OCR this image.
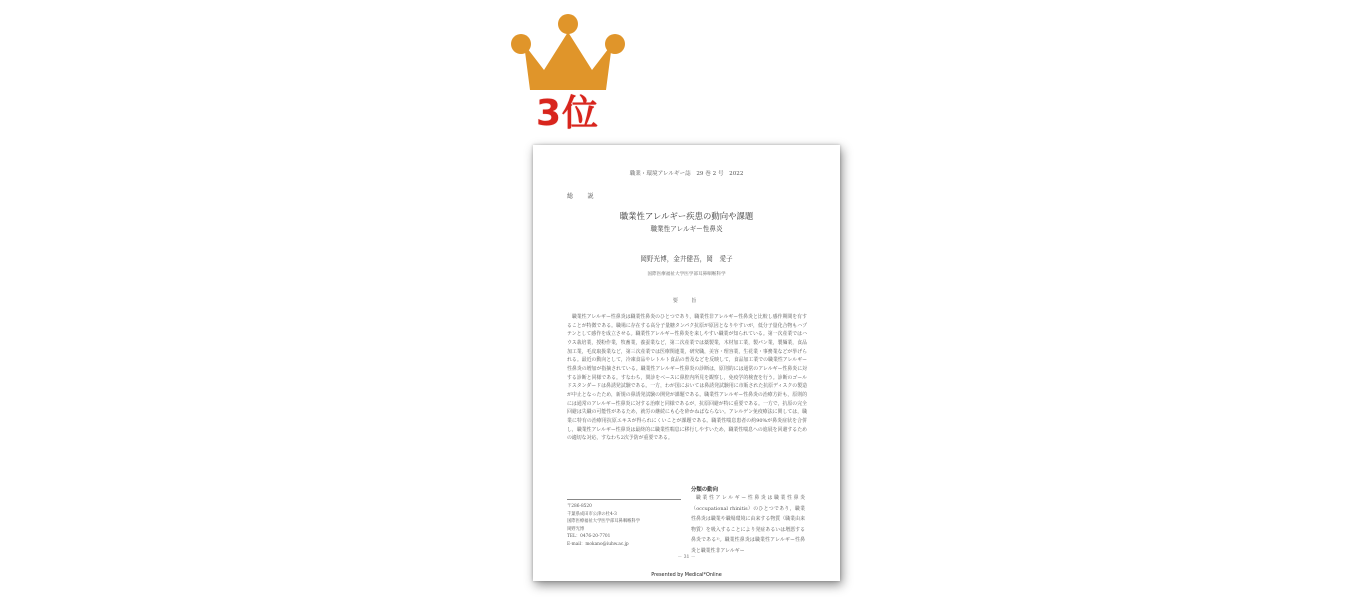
3位
職業・環境アレルギー誌　29 巻 2 号　2022
総　説
職業性アレルギー疾患の動向や課題
職業性アレルギー性鼻炎
岡野光博，金井健吾，岡　愛子
国際医療福祉大学医学部耳鼻咽喉科学
要　旨
職業性アレルギー性鼻炎は職業性鼻炎のひとつであり，職業性非アレルギー性鼻炎と比較し感作期間を有することが特徴である。職場に存在する高分子量糖タンパク抗原が原因となりやすいが，低分子量化合物もハプテンとして感作を成立させる。職業性アレルギー性鼻炎を来しやすい職業が知られている。第一次産業ではハウス栽培業，授粉作業，牧畜業，養蚕業など，第二次産業では薬製業，木材加工業，製パン業，製麺業，食品加工業，毛皮取扱業など，第三次産業では医療関連業，研究職，美容・理容業，生花業・事務業などが挙げられる。最近の動向として，冷凍食品やレトルト食品の普及などを反映して，食品加工業での職業性アレルギー性鼻炎の増加が指摘されている。職業性アレルギー性鼻炎の診断は，原則的には通常のアレルギー性鼻炎に対する診断と同様である。すなわち，問診をベースに鼻腔内所見を観察し，免疫学的検査を行う。診断のゴールドスタンダードは鼻誘発試験である。一方，わが国においては鼻誘発試験用に市販された抗原ディスクの製造が中止となったため，新規の鼻誘発試験の開発が課題である。職業性アレルギー性鼻炎の治療方針も，原則的には通常のアレルギー性鼻炎に対する治療と同様であるが，抗原回避が特に重要である。一方で，抗原の完全回避は失職の可能性があるため，就労の継続にも心を砕かねばならない。アレルゲン免疫療法に関しては，職業に特有の治療用抗原エキスが得られにくいことが課題である。職業性喘息患者の約90%が鼻炎症状を合併し，職業性アレルギー性鼻炎は最終的に職業性喘息に移行しやすいため，職業性喘息への進展を回避するための適切な対応，すなわち2次予防が重要である。
〒286-8520
千葉県成田市公津の杜4-3
国際医療福祉大学医学部耳鼻咽喉科学
岡野光博
TEL：0476-20-7701
E-mail：mokano@iuhw.ac.jp
分類の動向
職業性アレルギー性鼻炎は職業性鼻炎（occupational rhinitis）のひとつであり，職業性鼻炎は職業や職場環境に由来する物質（職業由来物質）を吸入することにより発症あるいは増悪する鼻炎である¹⁾。職業性鼻炎は職業性アレルギー性鼻炎と職業性非アレルギー
－ 31 －
Presented by Medical*Online
